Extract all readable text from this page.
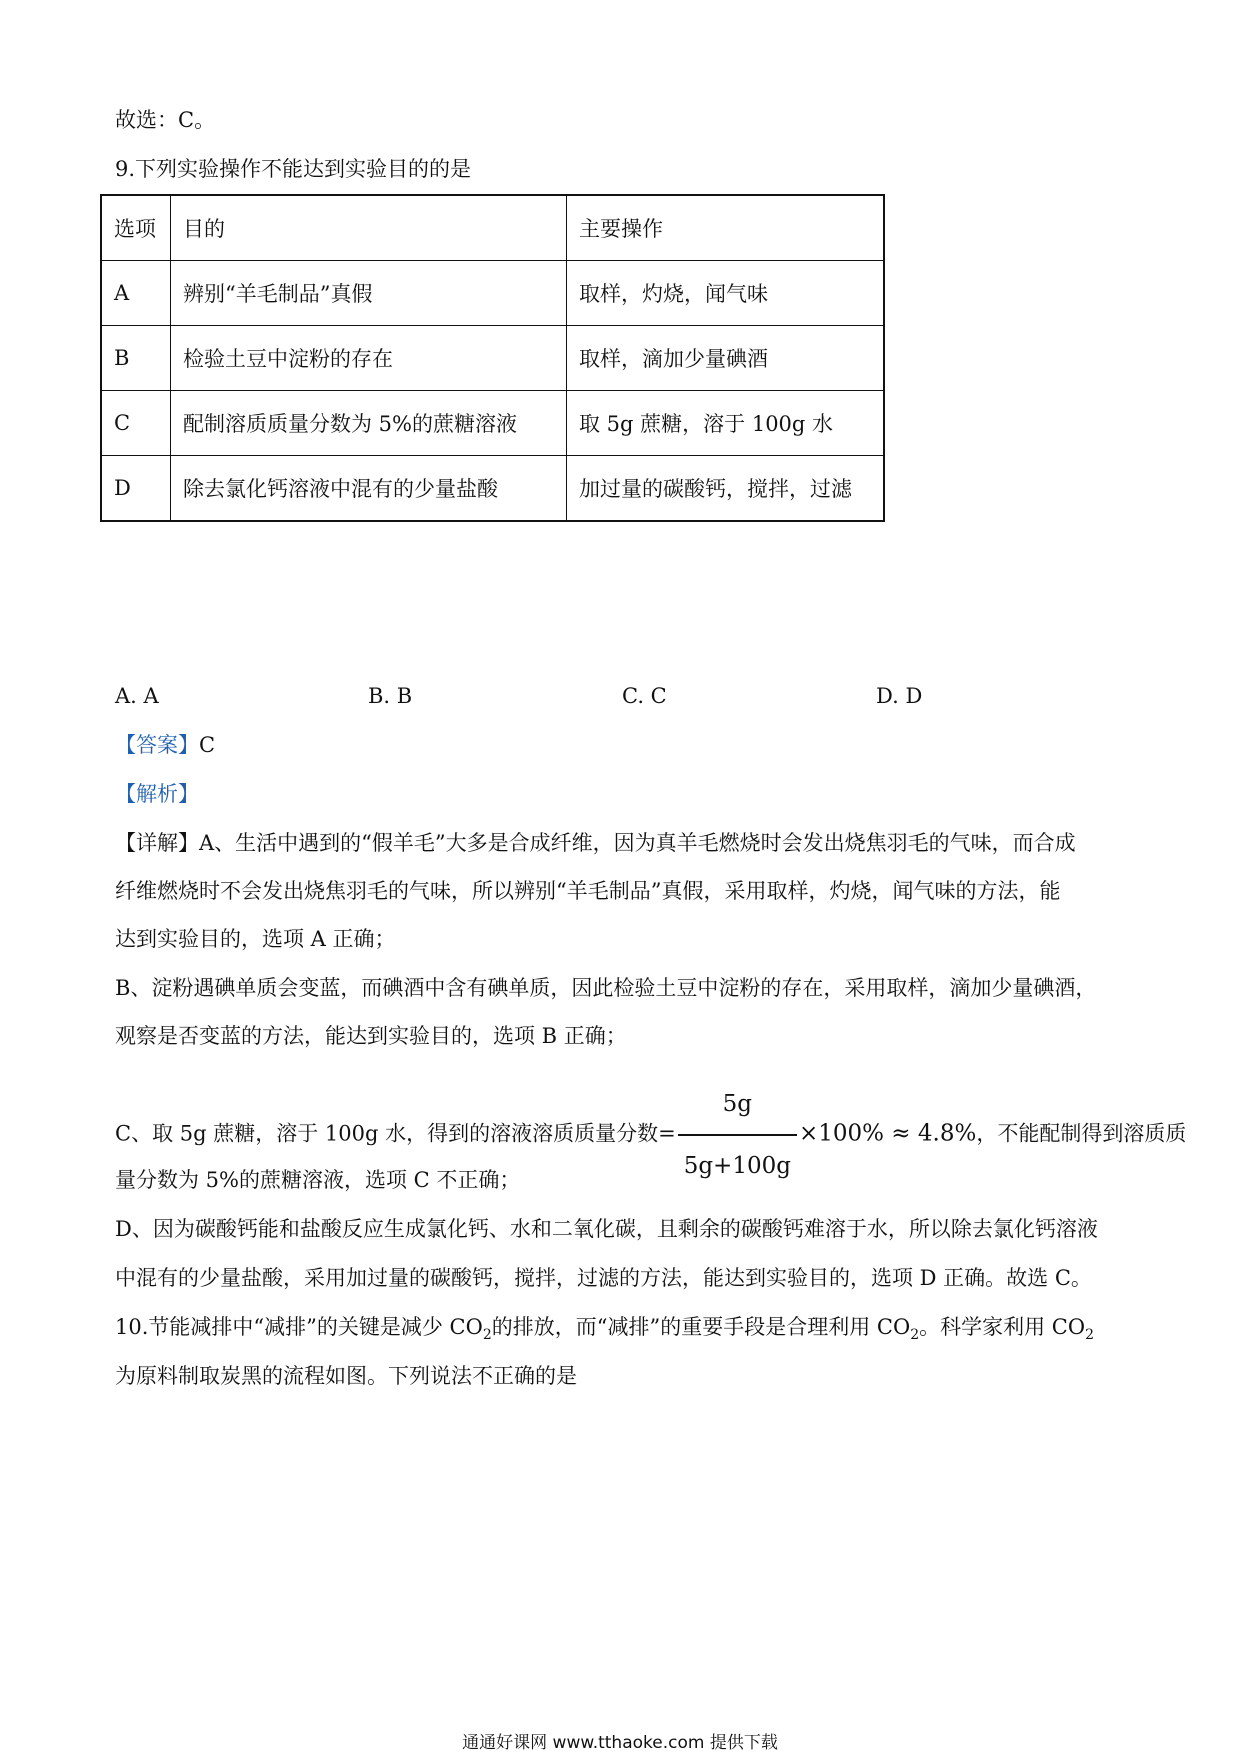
故选：C。
9.下列实验操作不能达到实验目的的是
选项	目的	主要操作
A	辨别“羊毛制品”真假	取样，灼烧，闻气味
B	检验土豆中淀粉的存在	取样，滴加少量碘酒
C	配制溶质质量分数为 5%的蔗糖溶液	取 5g 蔗糖，溶于 100g 水
D	除去氯化钙溶液中混有的少量盐酸	加过量的碳酸钙，搅拌，过滤
A. A	B. B	C. C	D. D
【答案】C
【解析】
【详解】A、生活中遇到的“假羊毛”大多是合成纤维，因为真羊毛燃烧时会发出烧焦羽毛的气味，而合成
纤维燃烧时不会发出烧焦羽毛的气味，所以辨别“羊毛制品”真假，采用取样，灼烧，闻气味的方法，能
达到实验目的，选项 A 正确；
B、淀粉遇碘单质会变蓝，而碘酒中含有碘单质，因此检验土豆中淀粉的存在，采用取样，滴加少量碘酒，
观察是否变蓝的方法，能达到实验目的，选项 B 正确；
C、取 5g 蔗糖，溶于 100g 水，得到的溶液溶质质量分数= $\frac{5g}{5g+100g} \times 100\% \approx 4.8\%$，不能配制得到溶质质
量分数为 5%的蔗糖溶液，选项 C 不正确；
D、因为碳酸钙能和盐酸反应生成氯化钙、水和二氧化碳，且剩余的碳酸钙难溶于水，所以除去氯化钙溶液
中混有的少量盐酸，采用加过量的碳酸钙，搅拌，过滤的方法，能达到实验目的，选项 D 正确。故选 C。
10.节能减排中“减排”的关键是减少 $CO_2$的排放，而“减排”的重要手段是合理利用 $CO_2$。科学家利用 $CO_2$
为原料制取炭黑的流程如图。下列说法不正确的是
通通好课网 www.tthaoke.com 提供下载
